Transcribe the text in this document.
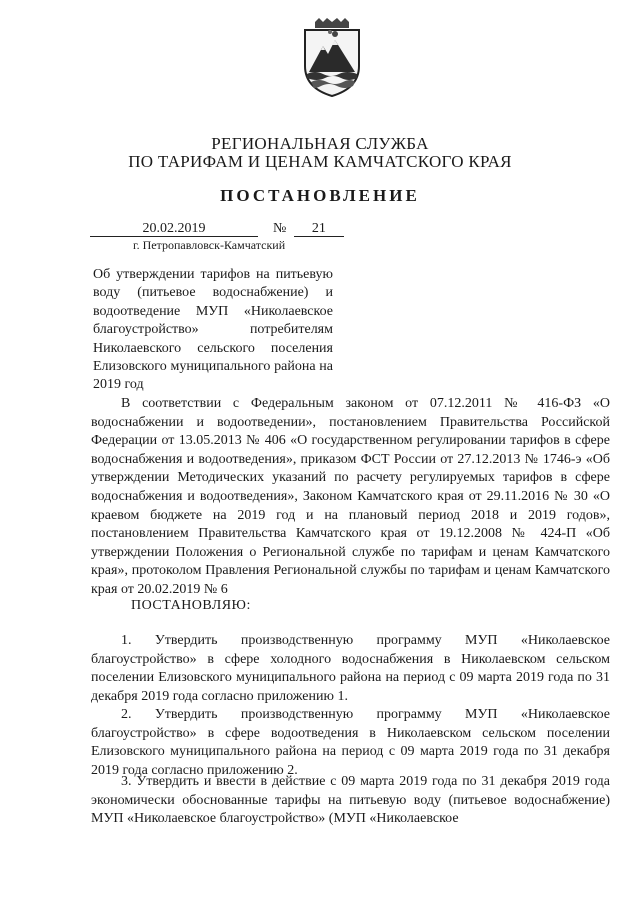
РЕГИОНАЛЬНАЯ СЛУЖБА
ПО ТАРИФАМ И ЦЕНАМ КАМЧАТСКОГО КРАЯ
ПОСТАНОВЛЕНИЕ
20.02.2019	№ 21
г. Петропавловск-Камчатский
Об утверждении тарифов на питьевую воду (питьевое водоснабжение) и водоотведение МУП «Николаевское благоустройство» потребителям Николаевского сельского поселения Елизовского муниципального района на 2019 год
В соответствии с Федеральным законом от 07.12.2011 № 416-ФЗ «О водоснабжении и водоотведении», постановлением Правительства Российской Федерации от 13.05.2013 № 406 «О государственном регулировании тарифов в сфере водоснабжения и водоотведения», приказом ФСТ России от 27.12.2013 № 1746-э «Об утверждении Методических указаний по расчету регулируемых тарифов в сфере водоснабжения и водоотведения», Законом Камчатского края от 29.11.2016 № 30 «О краевом бюджете на 2019 год и на плановый период 2018 и 2019 годов», постановлением Правительства Камчатского края от 19.12.2008 № 424-П «Об утверждении Положения о Региональной службе по тарифам и ценам Камчатского края», протоколом Правления Региональной службы по тарифам и ценам Камчатского края от 20.02.2019 № 6
ПОСТАНОВЛЯЮ:
1. Утвердить производственную программу МУП «Николаевское благоустройство» в сфере холодного водоснабжения в Николаевском сельском поселении Елизовского муниципального района на период с 09 марта 2019 года по 31 декабря 2019 года согласно приложению 1.
2. Утвердить производственную программу МУП «Николаевское благоустройство» в сфере водоотведения в Николаевском сельском поселении Елизовского муниципального района на период с 09 марта 2019 года по 31 декабря 2019 года согласно приложению 2.
3. Утвердить и ввести в действие с 09 марта 2019 года по 31 декабря 2019 года экономически обоснованные тарифы на питьевую воду (питьевое водоснабжение) МУП «Николаевское благоустройство» (МУП «Николаевское
